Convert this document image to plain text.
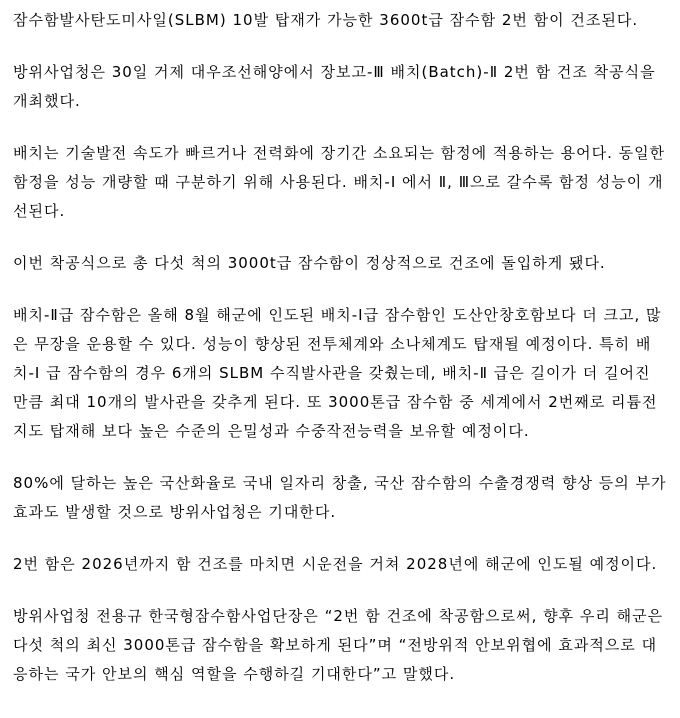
잠수함발사탄도미사일(SLBM) 10발 탑재가 가능한 3600t급 잠수함 2번 함이 건조된다.

방위사업청은 30일 거제 대우조선해양에서 장보고-Ⅲ 배치(Batch)-Ⅱ 2번 함 건조 착공식을 개최했다.

배치는 기술발전 속도가 빠르거나 전력화에 장기간 소요되는 함정에 적용하는 용어다. 동일한 함정을 성능 개량할 때 구분하기 위해 사용된다. 배치-Ⅰ 에서 Ⅱ, Ⅲ으로 갈수록 함정 성능이 개선된다.

이번 착공식으로 총 다섯 척의 3000t급 잠수함이 정상적으로 건조에 돌입하게 됐다.

배치-Ⅱ급 잠수함은 올해 8월 해군에 인도된 배치-Ⅰ급 잠수함인 도산안창호함보다 더 크고, 많은 무장을 운용할 수 있다. 성능이 향상된 전투체계와 소나체계도 탑재될 예정이다. 특히 배치-Ⅰ 급 잠수함의 경우 6개의 SLBM 수직발사관을 갖췄는데, 배치-Ⅱ 급은 길이가 더 길어진 만큼 최대 10개의 발사관을 갖추게 된다. 또 3000톤급 잠수함 중 세계에서 2번째로 리튬전지도 탑재해 보다 높은 수준의 은밀성과 수중작전능력을 보유할 예정이다.

80%에 달하는 높은 국산화율로 국내 일자리 창출, 국산 잠수함의 수출경쟁력 향상 등의 부가효과도 발생할 것으로 방위사업청은 기대한다.

2번 함은 2026년까지 함 건조를 마치면 시운전을 거쳐 2028년에 해군에 인도될 예정이다.

방위사업청 전용규 한국형잠수함사업단장은 “2번 함 건조에 착공함으로써, 향후 우리 해군은 다섯 척의 최신 3000톤급 잠수함을 확보하게 된다”며 “전방위적 안보위협에 효과적으로 대응하는 국가 안보의 핵심 역할을 수행하길 기대한다”고 말했다.
